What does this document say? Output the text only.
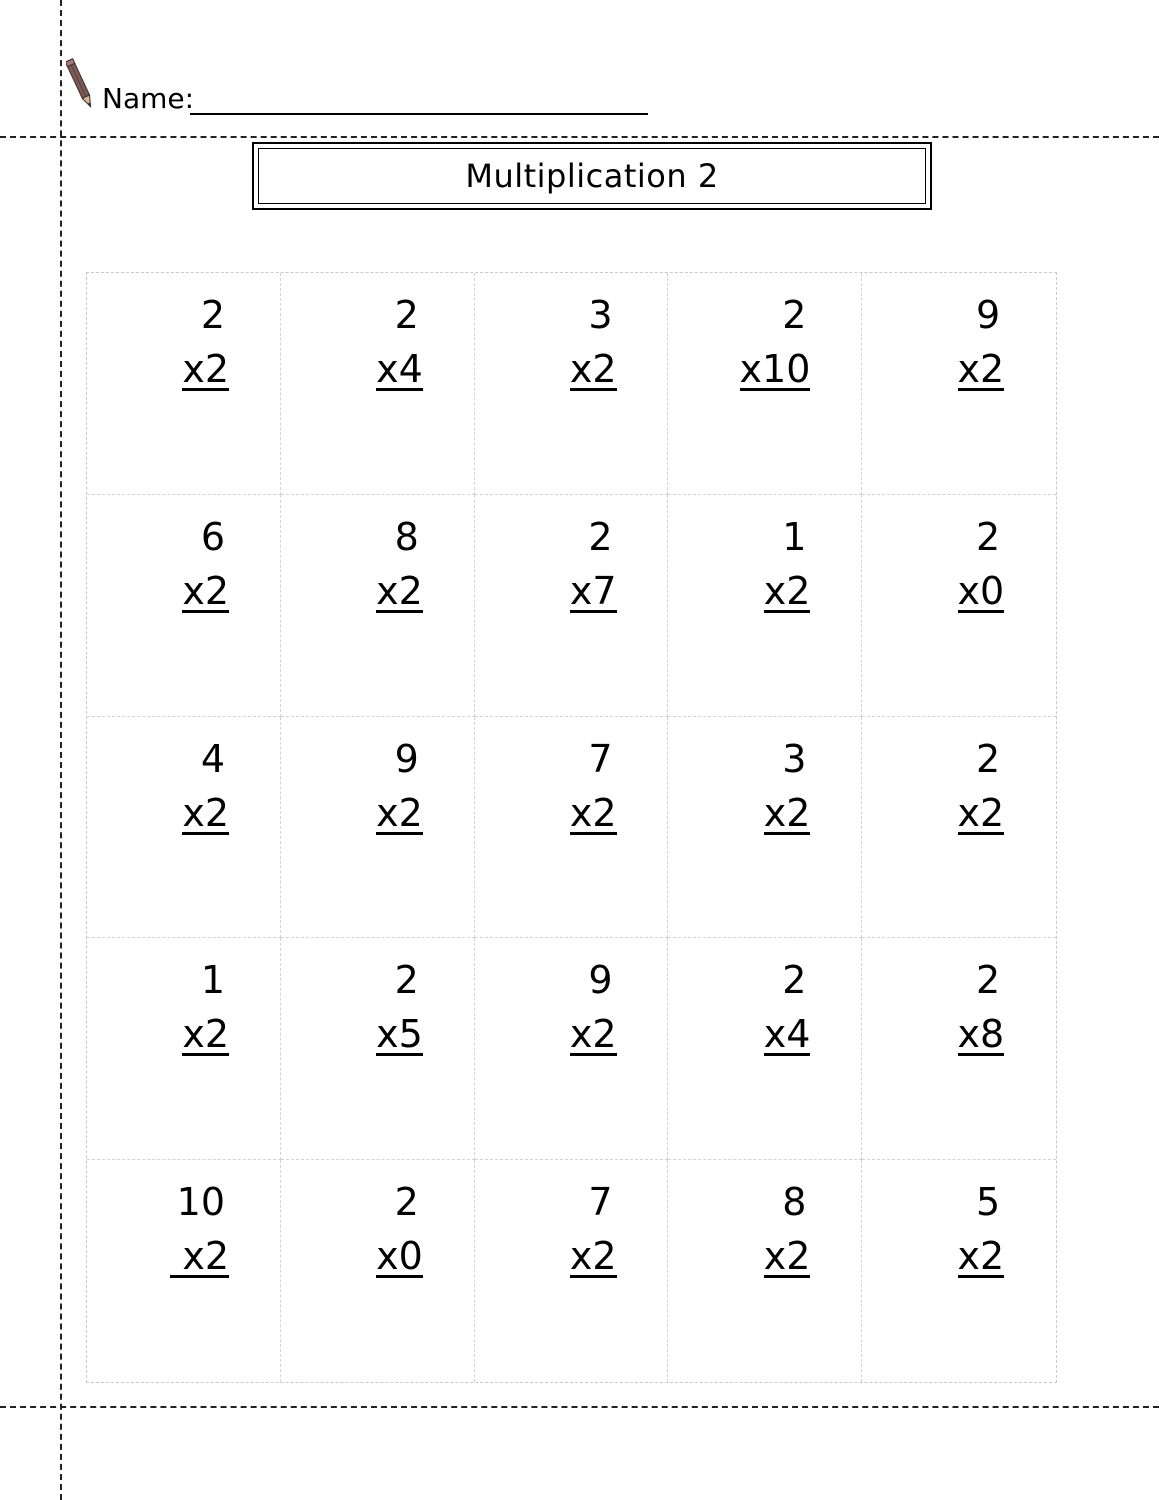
Name:
Multiplication 2
2
x2
2
x4
3
x2
2
x10
9
x2
6
x2
8
x2
2
x7
1
x2
2
x0
4
x2
9
x2
7
x2
3
x2
2
x2
1
x2
2
x5
9
x2
2
x4
2
x8
10
x2
2
x0
7
x2
8
x2
5
x2
